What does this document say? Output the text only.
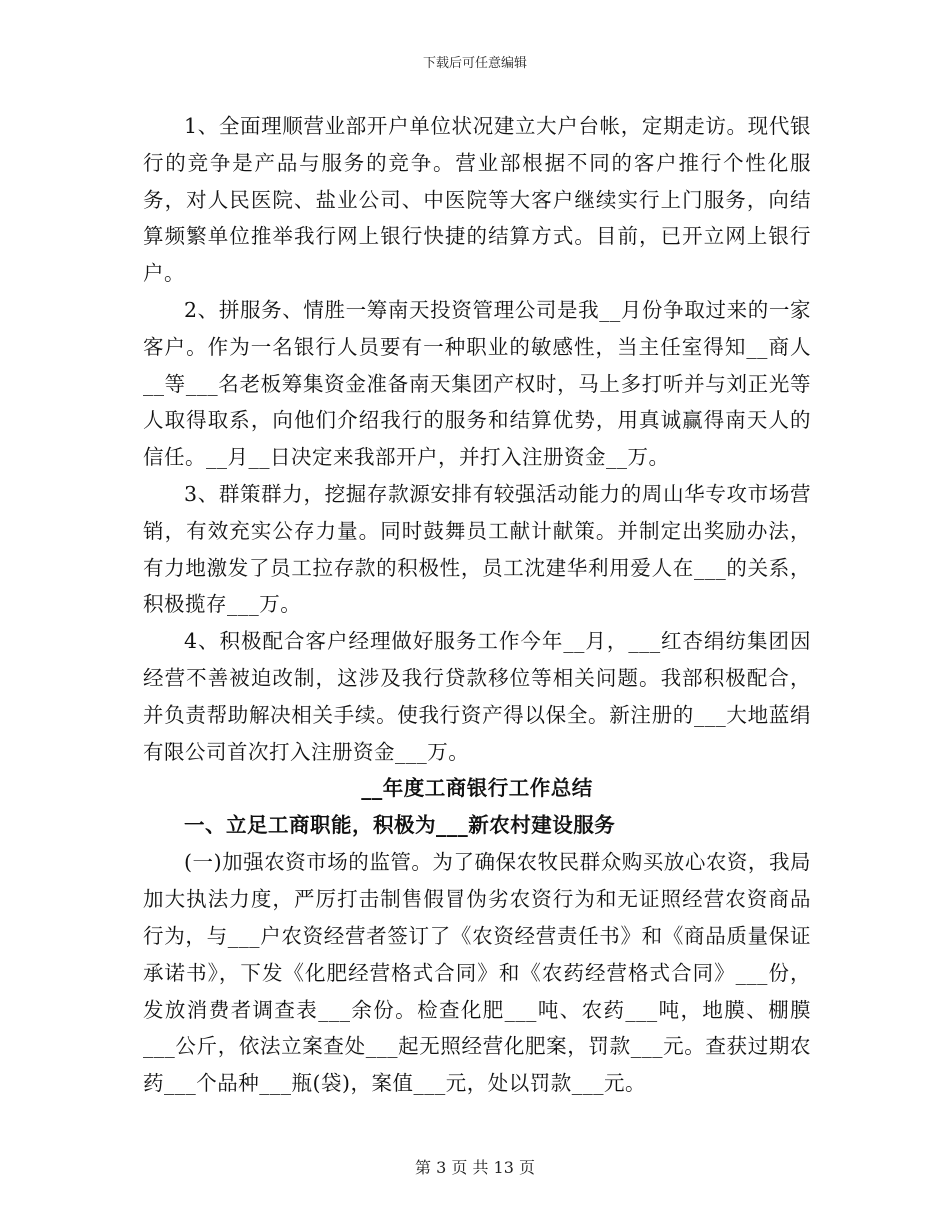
下载后可任意编辑

1、全面理顺营业部开户单位状况建立大户台帐，定期走访。现代银行的竞争是产品与服务的竞争。营业部根据不同的客户推行个性化服务，对人民医院、盐业公司、中医院等大客户继续实行上门服务，向结算频繁单位推举我行网上银行快捷的结算方式。目前，已开立网上银行户。

2、拼服务、情胜一筹南天投资管理公司是我__月份争取过来的一家客户。作为一名银行人员要有一种职业的敏感性，当主任室得知__商人__等___名老板筹集资金准备南天集团产权时，马上多打听并与刘正光等人取得取系，向他们介绍我行的服务和结算优势，用真诚赢得南天人的信任。__月__日决定来我部开户，并打入注册资金__万。

3、群策群力，挖掘存款源安排有较强活动能力的周山华专攻市场营销，有效充实公存力量。同时鼓舞员工献计献策。并制定出奖励办法，有力地激发了员工拉存款的积极性，员工沈建华利用爱人在___的关系，积极揽存___万。

4、积极配合客户经理做好服务工作今年__月，___红杏绢纺集团因经营不善被迫改制，这涉及我行贷款移位等相关问题。我部积极配合，并负责帮助解决相关手续。使我行资产得以保全。新注册的___大地蓝绢有限公司首次打入注册资金___万。

__年度工商银行工作总结

一、立足工商职能，积极为___新农村建设服务

(一)加强农资市场的监管。为了确保农牧民群众购买放心农资，我局加大执法力度，严厉打击制售假冒伪劣农资行为和无证照经营农资商品行为，与___户农资经营者签订了《农资经营责任书》和《商品质量保证承诺书》，下发《化肥经营格式合同》和《农药经营格式合同》___份，发放消费者调查表___余份。检查化肥___吨、农药___吨，地膜、棚膜___公斤，依法立案查处___起无照经营化肥案，罚款___元。查获过期农药___个品种___瓶(袋)，案值___元，处以罚款___元。

第 3 页 共 13 页
